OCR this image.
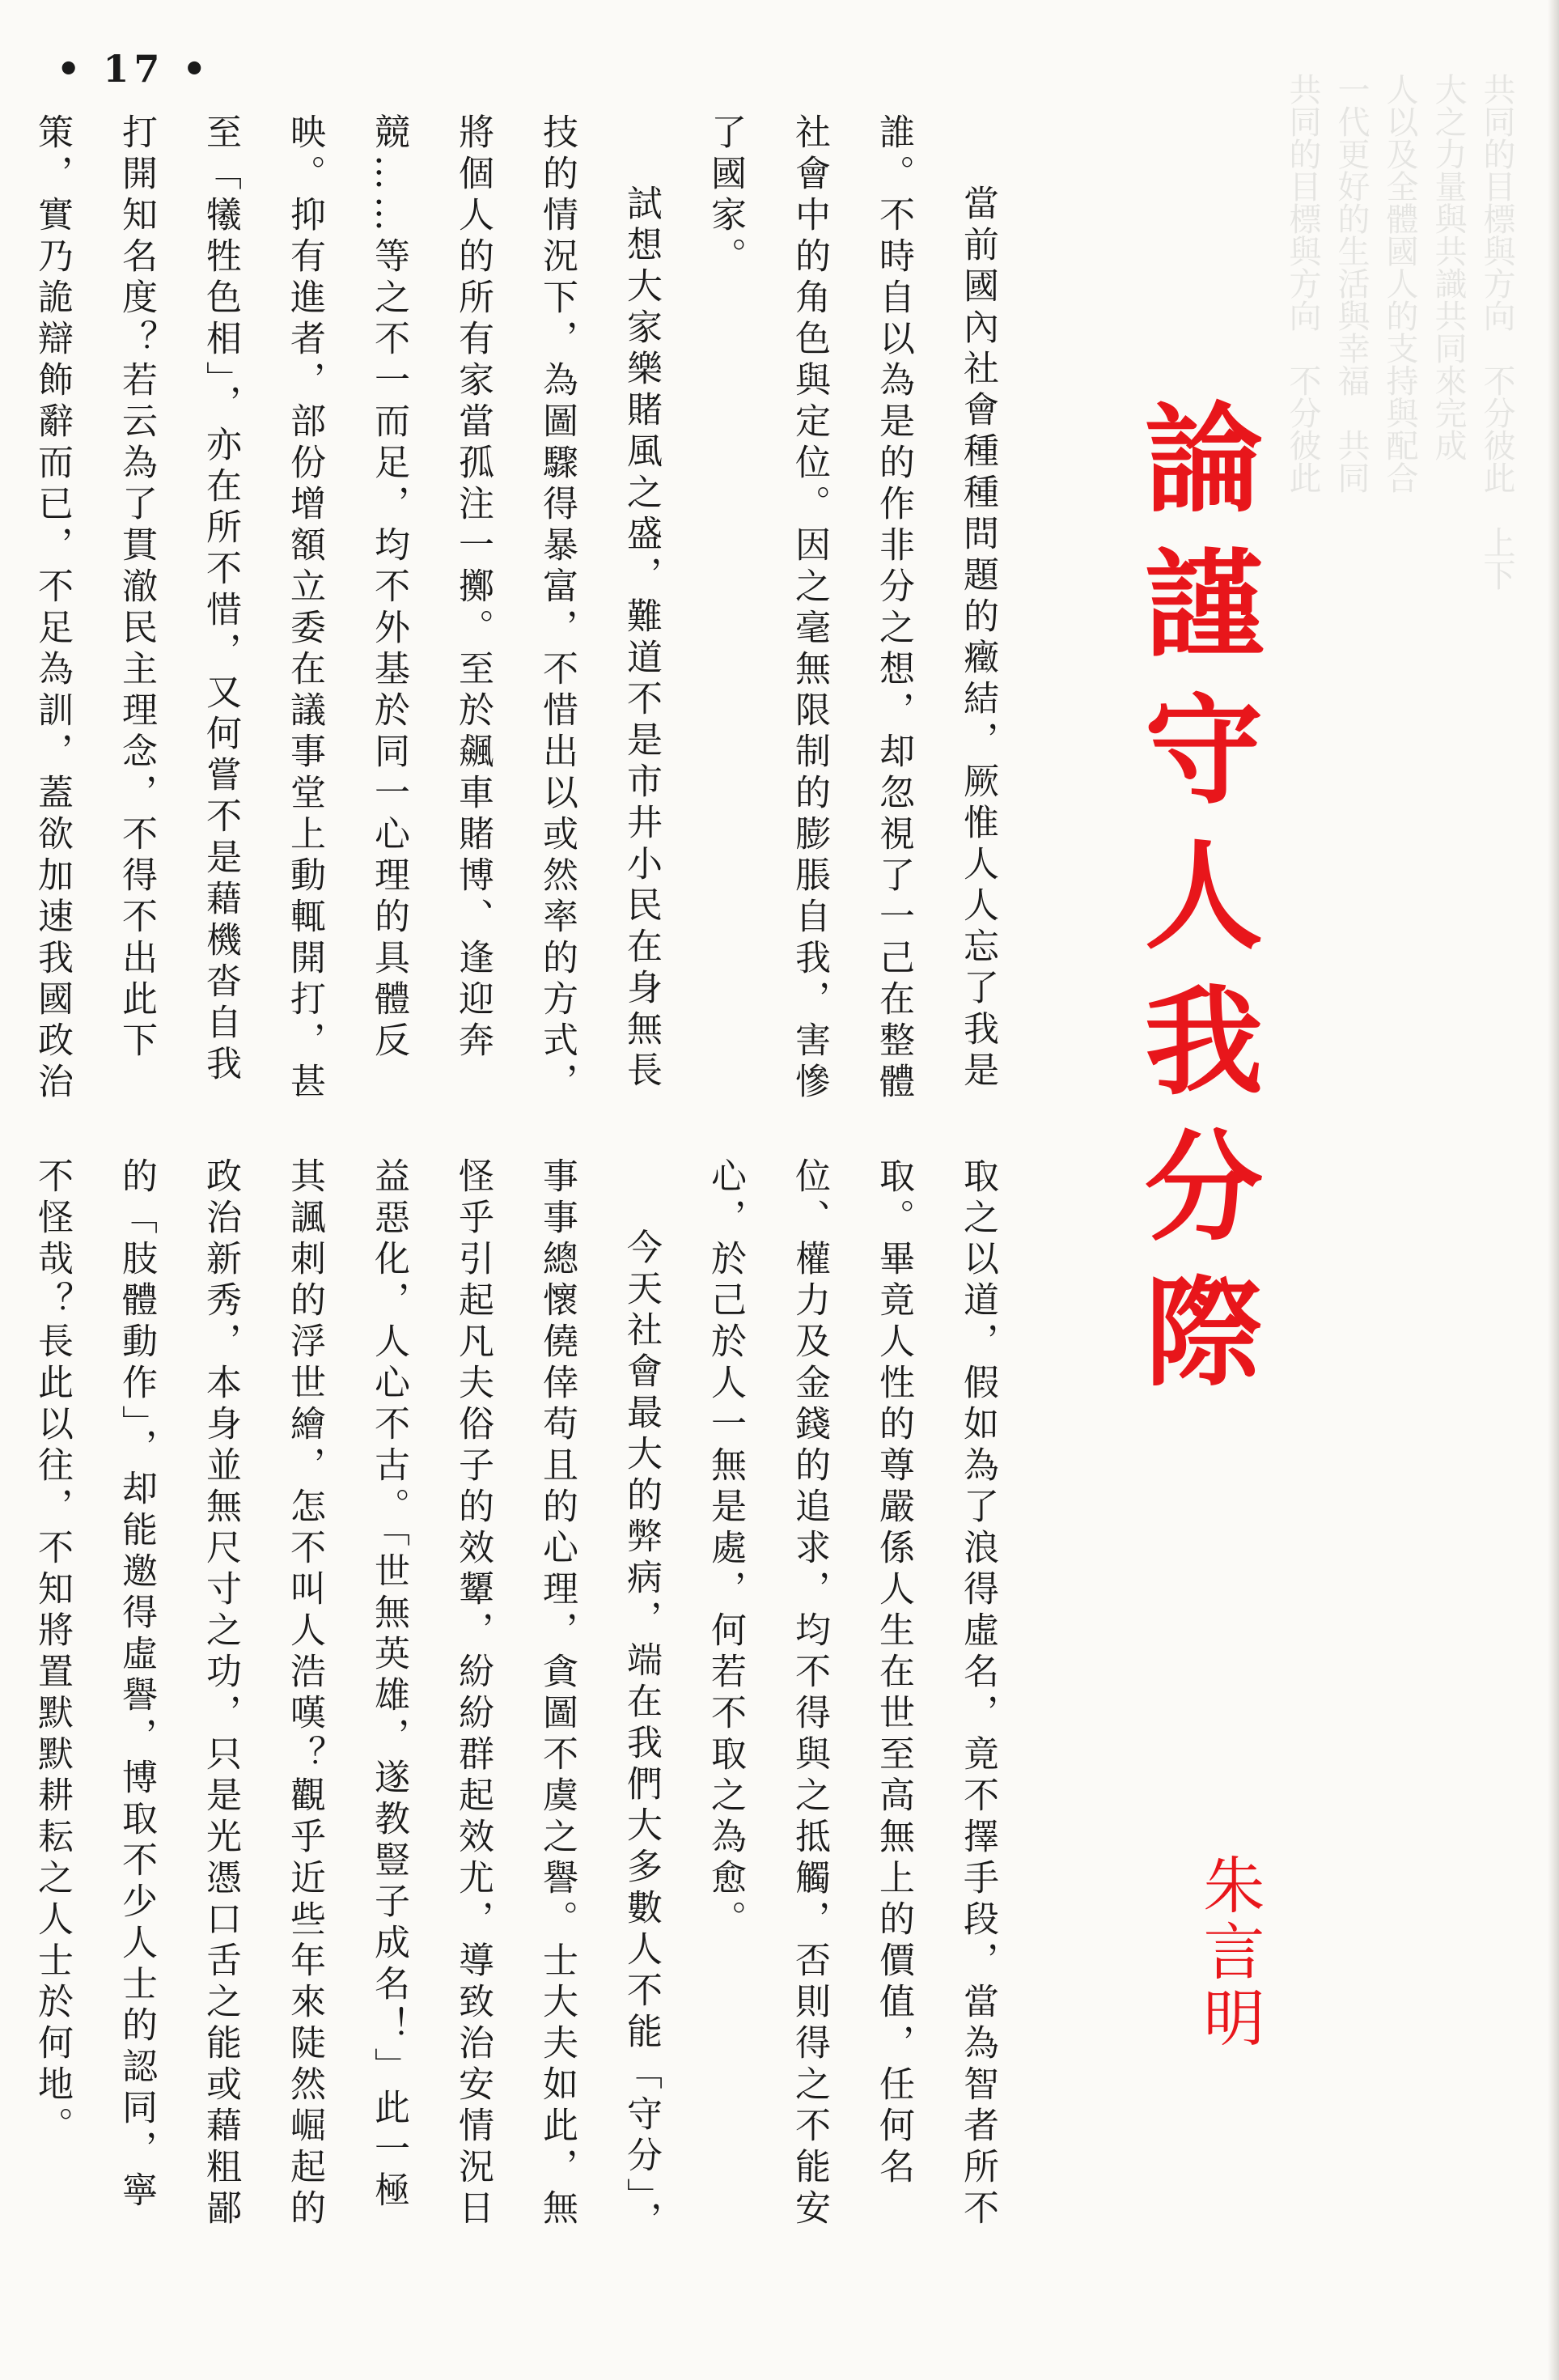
共同的目標與方向　不分彼此　上下
大之力量與共識共同來完成
人以及全體國人的支持與配合
一代更好的生活與幸福　共同
共同的目標與方向　不分彼此
• 17 •
論謹守人我分際
朱言明

當前國內社會種種問題的癥結，厥惟人人忘了我是誰。不時自以為是的作非分之想，却忽視了一己在整體社會中的角色與定位。因之毫無限制的膨脹自我，害慘了國家。

試想大家樂賭風之盛，難道不是市井小民在身無長技的情況下，為圖驟得暴富，不惜出以或然率的方式，將個人的所有家當孤注一擲。至於飆車賭博、逢迎奔競……等之不一而足，均不外基於同一心理的具體反映。抑有進者，部份增額立委在議事堂上動輒開打，甚至「犧牲色相」，亦在所不惜，又何嘗不是藉機沓自我打開知名度？若云為了貫澈民主理念，不得不出此下策，實乃詭辯飾辭而已，不足為訓，蓋欲加速我國政治

取之以道，假如為了浪得虛名，竟不擇手段，當為智者所不取。畢竟人性的尊嚴係人生在世至高無上的價值，任何名位、權力及金錢的追求，均不得與之抵觸，否則得之不能安心，於己於人一無是處，何若不取之為愈。

今天社會最大的弊病，端在我們大多數人不能「守分」，事事總懷僥倖苟且的心理，貪圖不虞之譽。士大夫如此，無怪乎引起凡夫俗子的效顰，紛紛群起效尤，導致治安情況日益惡化，人心不古。「世無英雄，遂教豎子成名！」此一極其諷刺的浮世繪，怎不叫人浩嘆？觀乎近些年來陡然崛起的政治新秀，本身並無尺寸之功，只是光憑口舌之能或藉粗鄙的「肢體動作」，却能邀得虛譽，博取不少人士的認同，寧不怪哉？長此以往，不知將置默默耕耘之人士於何地。
